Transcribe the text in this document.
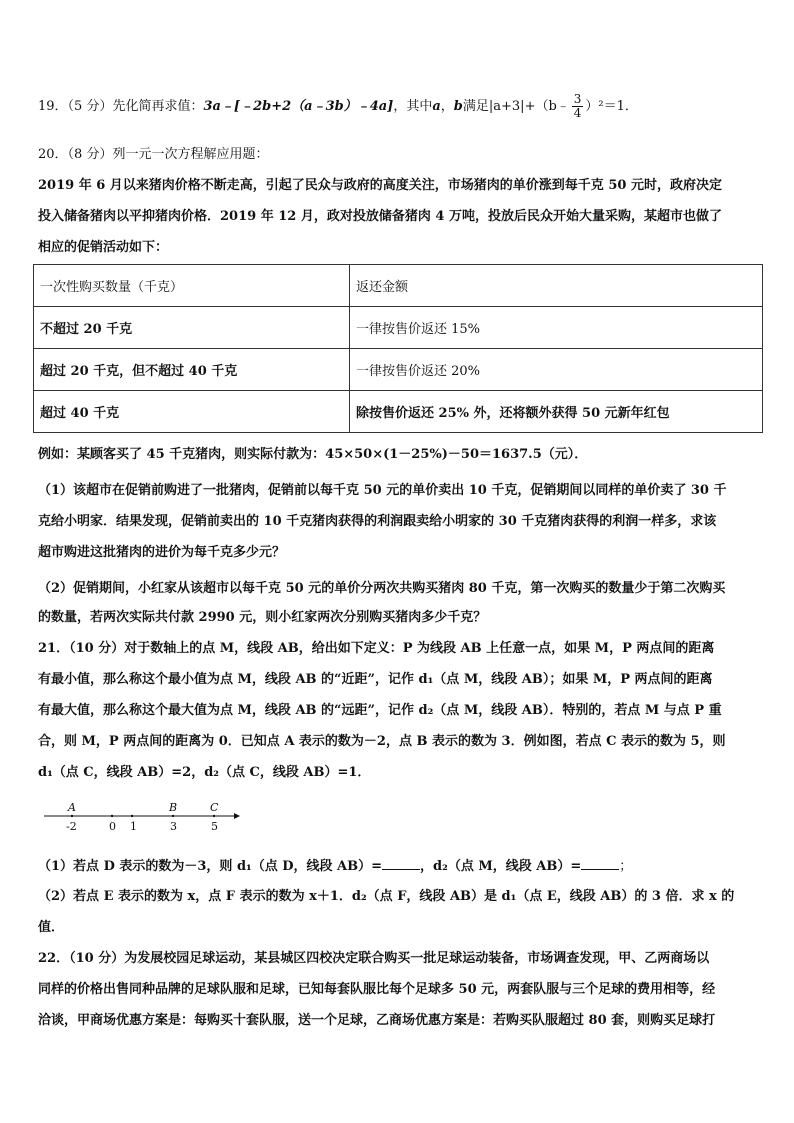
19．（5 分）先化简再求值：3a﹣[﹣2b+2（a﹣3b）﹣4a]，其中a，b满足|a+3|+（b﹣ $\frac{3}{4} )^2=1$．
20．（8 分）列一元一次方程解应用题：
2019 年 6 月以来猪肉价格不断走高，引起了民众与政府的高度关注，市场猪肉的单价涨到每千克 50 元时，政府决定
投入储备猪肉以平抑猪肉价格．2019 年 12 月，政对投放储备猪肉 4 万吨，投放后民众开始大量采购，某超市也做了
相应的促销活动如下：
一次性购买数量（千克）	返还金额
不超过 20 千克	一律按售价返还 15%
超过 20 千克，但不超过 40 千克	一律按售价返还 20%
超过 40 千克	除按售价返还 25% 外，还将额外获得 50 元新年红包
例如：某顾客买了 45 千克猪肉，则实际付款为：45×50×(1－25%)－50＝1637.5（元）．
（1）该超市在促销前购进了一批猪肉，促销前以每千克 50 元的单价卖出 10 千克，促销期间以同样的单价卖了 30 千
克给小明家．结果发现，促销前卖出的 10 千克猪肉获得的利润跟卖给小明家的 30 千克猪肉获得的利润一样多，求该
超市购进这批猪肉的进价为每千克多少元？
（2）促销期间，小红家从该超市以每千克 50 元的单价分两次共购买猪肉 80 千克，第一次购买的数量少于第二次购买
的数量，若两次实际共付款 2990 元，则小红家两次分别购买猪肉多少千克？
21．（10 分）对于数轴上的点 M，线段 AB，给出如下定义：P 为线段 AB 上任意一点，如果 M，P 两点间的距离
有最小值，那么称这个最小值为点 M，线段 AB 的“近距”，记作 d₁（点 M，线段 AB）；如果 M，P 两点间的距离
有最大值，那么称这个最大值为点 M，线段 AB 的“远距”，记作 d₂（点 M，线段 AB）．特别的，若点 M 与点 P 重
合，则 M，P 两点间的距离为 0．已知点 A 表示的数为－2，点 B 表示的数为 3．例如图，若点 C 表示的数为 5，则
d₁（点 C，线段 AB）=2，d₂（点 C，线段 AB）=1．
A
-2	0 1
B
3
C
5
（1）若点 D 表示的数为－3，则 d₁（点 D，线段 AB）=	，d₂（点 M，线段 AB）=	；
（2）若点 E 表示的数为 x，点 F 表示的数为 x＋1．d₂（点 F，线段 AB）是 d₁（点 E，线段 AB）的 3 倍．求 x 的
值．
22．（10 分）为发展校园足球运动，某县城区四校决定联合购买一批足球运动装备，市场调查发现，甲、乙两商场以
同样的价格出售同种品牌的足球队服和足球，已知每套队服比每个足球多 50 元，两套队服与三个足球的费用相等，经
洽谈，甲商场优惠方案是：每购买十套队服，送一个足球，乙商场优惠方案是：若购买队服超过 80 套，则购买足球打
